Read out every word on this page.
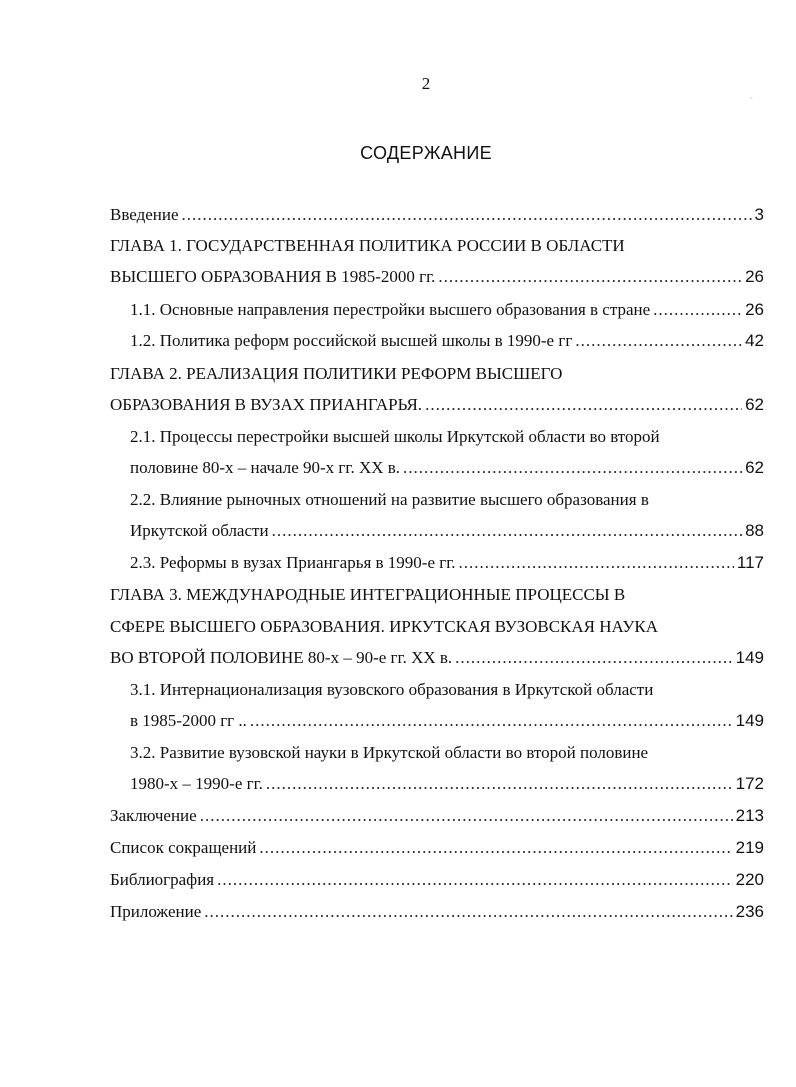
2
◦
СОДЕРЖАНИЕ
Введение .....	3
ГЛАВА 1. ГОСУДАРСТВЕННАЯ ПОЛИТИКА РОССИИ В ОБЛАСТИ
ВЫСШЕГО ОБРАЗОВАНИЯ В 1985-2000 гг. .....	26
1.1. Основные направления перестройки высшего образования в стране .....	26
1.2. Политика реформ российской высшей школы в 1990-е гг .....	42
ГЛАВА 2. РЕАЛИЗАЦИЯ ПОЛИТИКИ РЕФОРМ ВЫСШЕГО
ОБРАЗОВАНИЯ В ВУЗАХ ПРИАНГАРЬЯ. .....	62
2.1. Процессы перестройки высшей школы Иркутской области во второй
половине 80-х – начале 90-х гг. XX в. .....	62
2.2. Влияние рыночных отношений на развитие высшего образования в
Иркутской области .....	88
2.3. Реформы в вузах Приангарья в 1990-е гг. .....	117
ГЛАВА 3. МЕЖДУНАРОДНЫЕ ИНТЕГРАЦИОННЫЕ ПРОЦЕССЫ В
СФЕРЕ ВЫСШЕГО ОБРАЗОВАНИЯ. ИРКУТСКАЯ ВУЗОВСКАЯ НАУКА
ВО ВТОРОЙ ПОЛОВИНЕ 80-х – 90-е гг. XX в. .....	149
3.1. Интернационализация вузовского образования в Иркутской области
в 1985-2000 гг .. .....	149
3.2. Развитие вузовской науки в Иркутской области во второй половине
1980-х – 1990-е гг. .....	172
Заключение .....	213
Список сокращений .....	219
Библиография .....	220
Приложение .....	236
